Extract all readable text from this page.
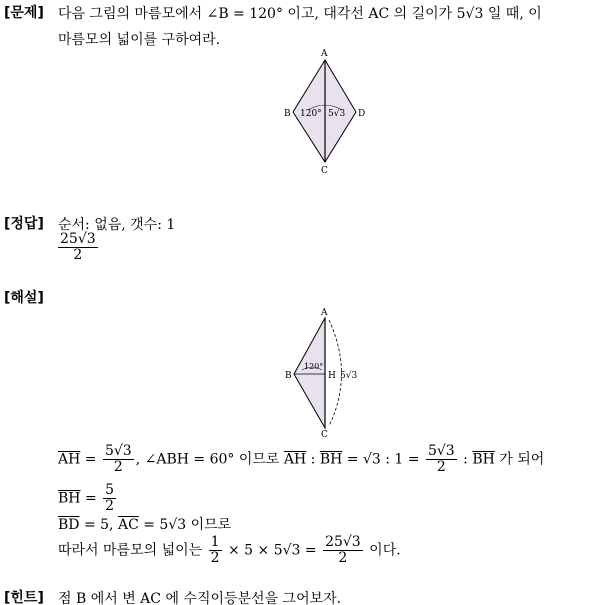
[문제] 다음 그림의 마름모에서 ∠B = 120° 이고, 대각선 AC 의 길이가 5√3 일 때, 이
마름모의 넓이를 구하여라.
A
B
C
D
120° 5√3
[정답] 순서: 없음, 갯수: 1
$\frac{25√3}{2}$
[해설]
A
B
C
H
120°
5√3
$\overline{AH} = \frac{5√3}{2}$ , ∠ABH = 60° 이므로 $\overline{AH}$ : $\overline{BH} = √3$ : $1 = \frac{5√3}{2}$ : $\overline{BH}$ 가 되어
$\overline{BH} = \frac{5}{2}$
$\overline{BD} = 5$, $\overline{AC} = 5√3$ 이므로
따라서 마름모의 넓이는 $\frac{1}{2} \times 5 \times 5√3 = \frac{25√3}{2}$ 이다.
[힌트] 점 B 에서 변 AC 에 수직이등분선을 그어보자.
